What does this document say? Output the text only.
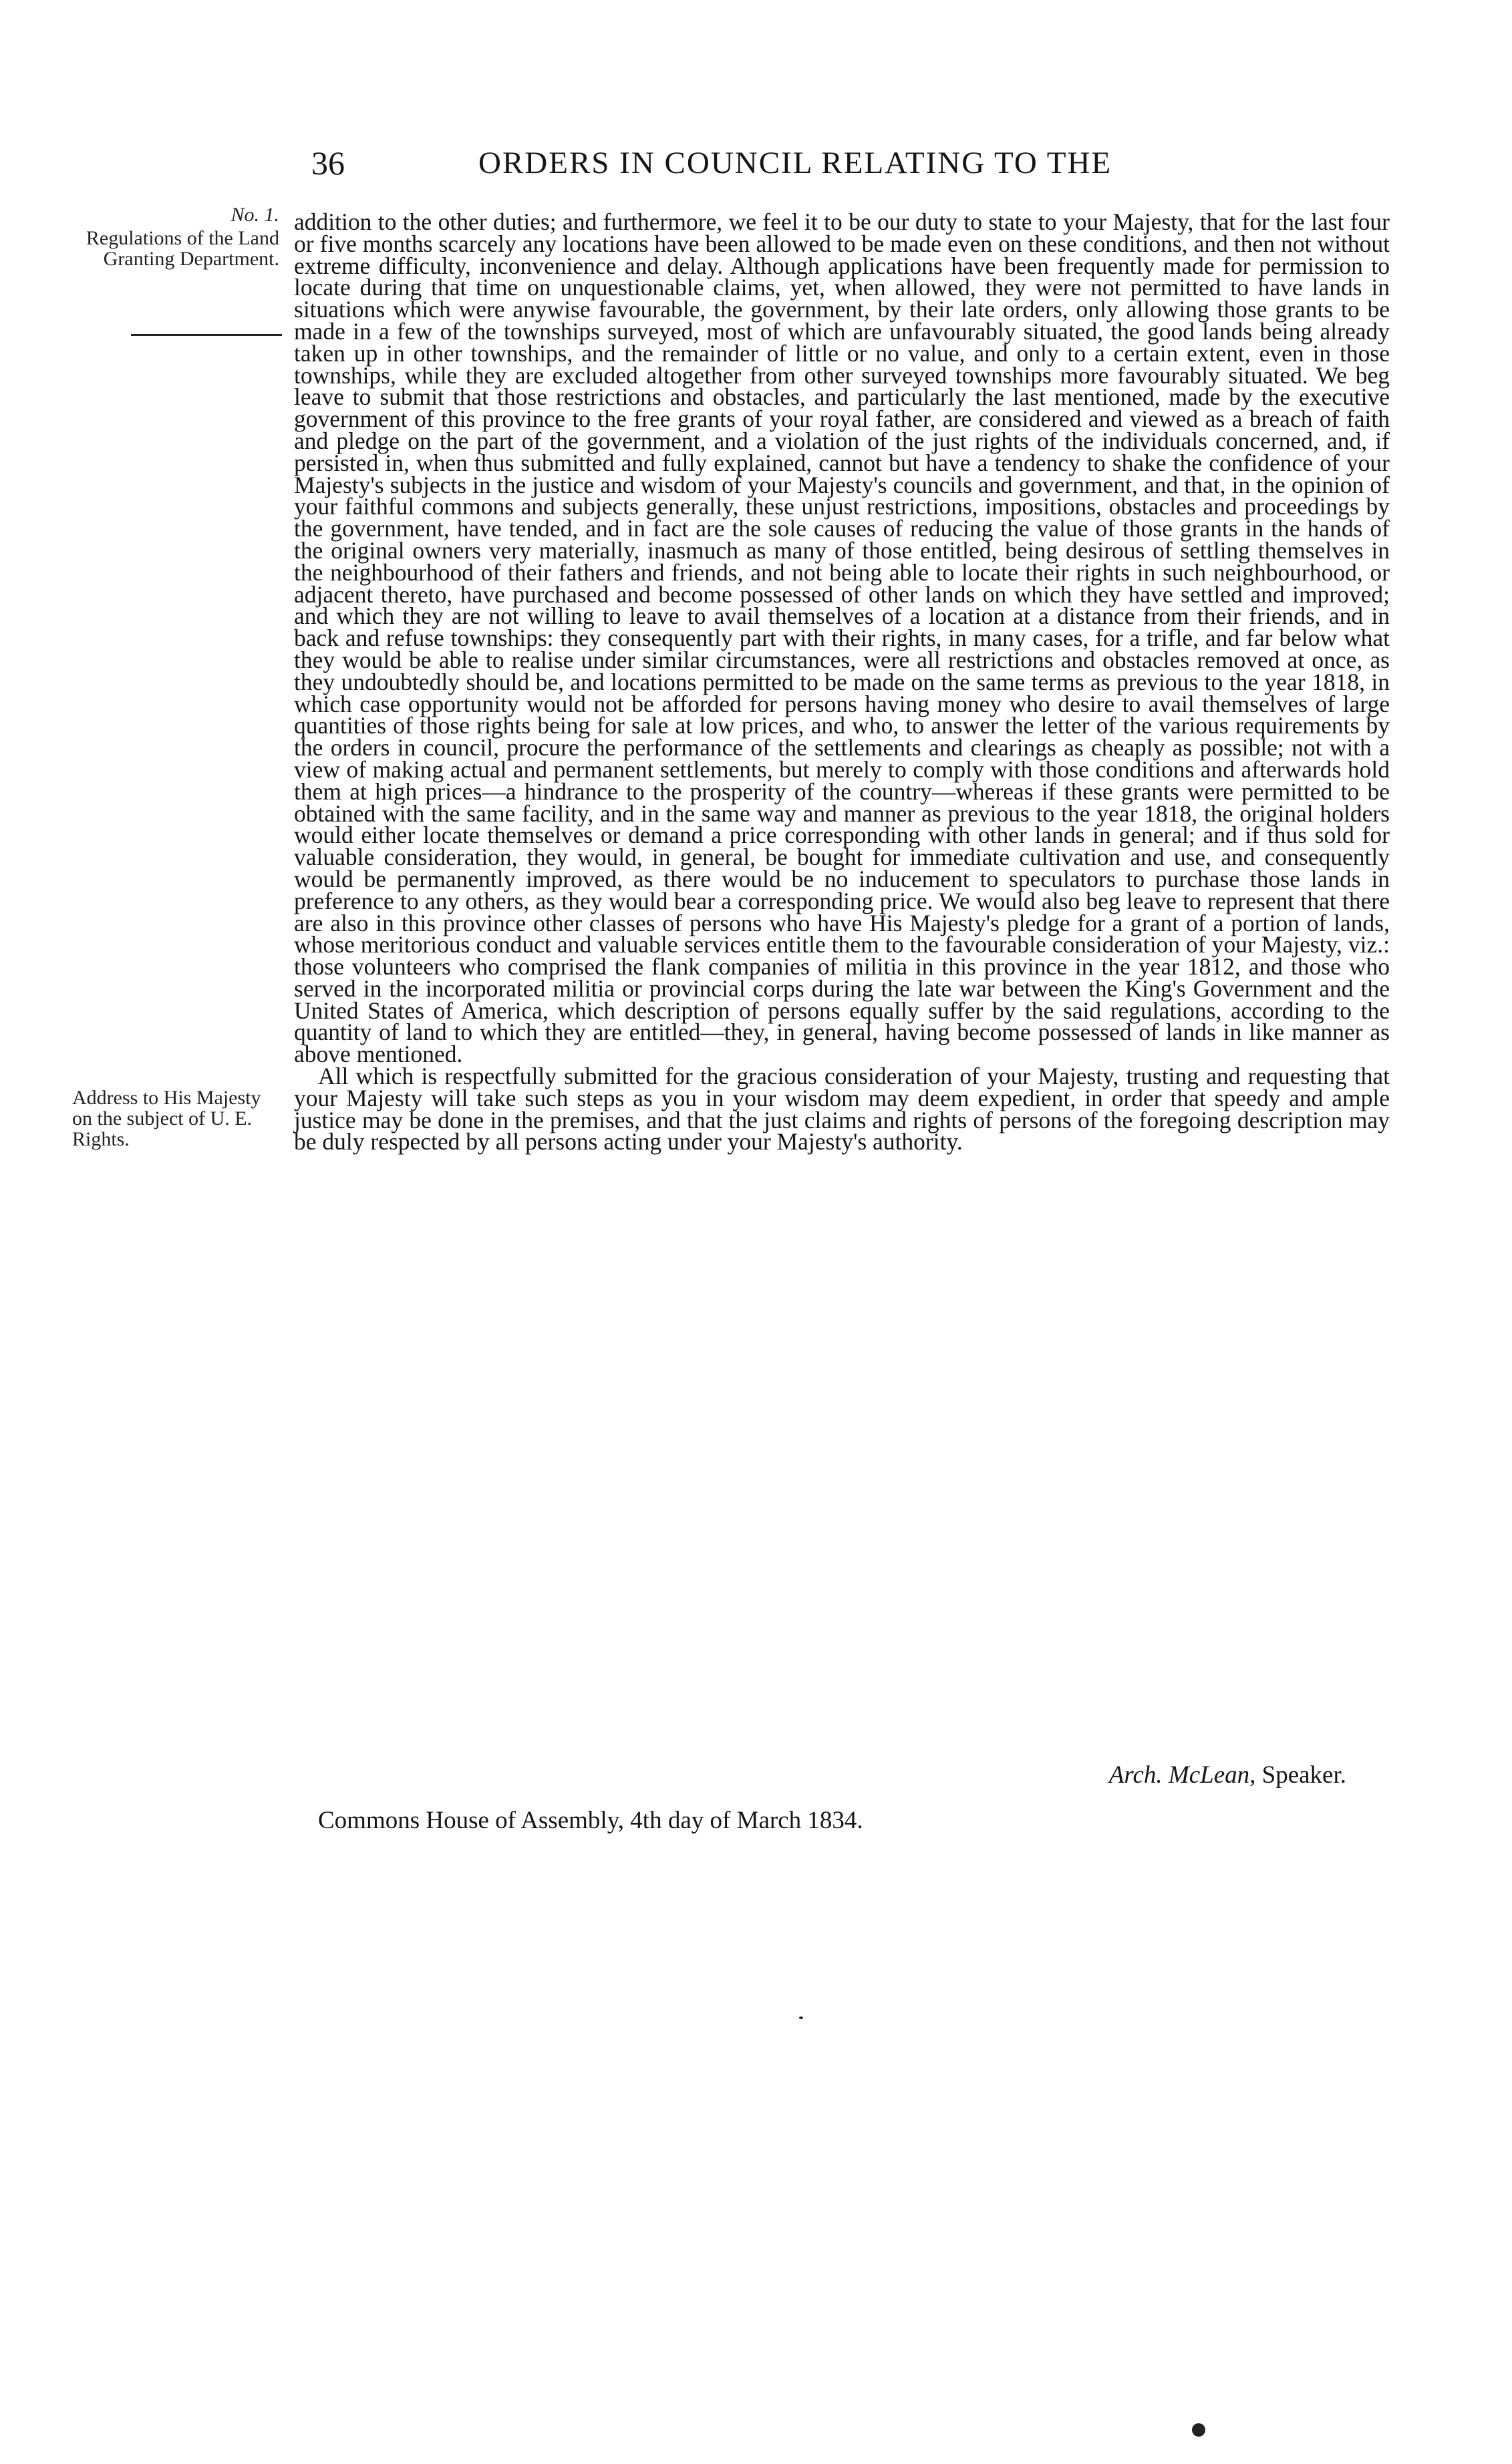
36	ORDERS IN COUNCIL RELATING TO THE
No. 1.
Regulations of the Land Granting Department.
Address to His Majesty on the subject of U. E. Rights.

addition to the other duties; and furthermore, we feel it to be our duty to state to your Majesty, that for the last four or five months scarcely any locations have been allowed to be made even on these conditions, and then not without extreme difficulty, inconvenience and delay. Although applications have been frequently made for permission to locate during that time on unquestionable claims, yet, when allowed, they were not permitted to have lands in situations which were anywise favourable, the government, by their late orders, only allowing those grants to be made in a few of the townships surveyed, most of which are unfavourably situated, the good lands being already taken up in other townships, and the remainder of little or no value, and only to a certain extent, even in those townships, while they are excluded altogether from other surveyed townships more favourably situated. We beg leave to submit that those restrictions and obstacles, and particularly the last mentioned, made by the executive government of this province to the free grants of your royal father, are considered and viewed as a breach of faith and pledge on the part of the government, and a violation of the just rights of the individuals concerned, and, if persisted in, when thus submitted and fully explained, cannot but have a tendency to shake the confidence of your Majesty's subjects in the justice and wisdom of your Majesty's councils and government, and that, in the opinion of your faithful commons and subjects generally, these unjust restrictions, impositions, obstacles and proceedings by the government, have tended, and in fact are the sole causes of reducing the value of those grants in the hands of the original owners very materially, inasmuch as many of those entitled, being desirous of settling themselves in the neighbourhood of their fathers and friends, and not being able to locate their rights in such neighbourhood, or adjacent thereto, have purchased and become possessed of other lands on which they have settled and improved; and which they are not willing to leave to avail themselves of a location at a distance from their friends, and in back and refuse townships: they consequently part with their rights, in many cases, for a trifle, and far below what they would be able to realise under similar circumstances, were all restrictions and obstacles removed at once, as they undoubtedly should be, and locations permitted to be made on the same terms as previous to the year 1818, in which case opportunity would not be afforded for persons having money who desire to avail themselves of large quantities of those rights being for sale at low prices, and who, to answer the letter of the various requirements by the orders in council, procure the performance of the settlements and clearings as cheaply as possible; not with a view of making actual and permanent settlements, but merely to comply with those conditions and afterwards hold them at high prices—a hindrance to the prosperity of the country—whereas if these grants were permitted to be obtained with the same facility, and in the same way and manner as previous to the year 1818, the original holders would either locate themselves or demand a price corresponding with other lands in general; and if thus sold for valuable consideration, they would, in general, be bought for immediate cultivation and use, and consequently would be permanently improved, as there would be no inducement to speculators to purchase those lands in preference to any others, as they would bear a corresponding price. We would also beg leave to represent that there are also in this province other classes of persons who have His Majesty's pledge for a grant of a portion of lands, whose meritorious conduct and valuable services entitle them to the favourable consideration of your Majesty, viz.: those volunteers who comprised the flank companies of militia in this province in the year 1812, and those who served in the incorporated militia or provincial corps during the late war between the King's Government and the United States of America, which description of persons equally suffer by the said regulations, according to the quantity of land to which they are entitled—they, in general, having become possessed of lands in like manner as above mentioned.

All which is respectfully submitted for the gracious consideration of your Majesty, trusting and requesting that your Majesty will take such steps as you in your wisdom may deem expedient, in order that speedy and ample justice may be done in the premises, and that the just claims and rights of persons of the foregoing description may be duly respected by all persons acting under your Majesty's authority.

Arch. McLean, Speaker.
Commons House of Assembly, 4th day of March 1834.
